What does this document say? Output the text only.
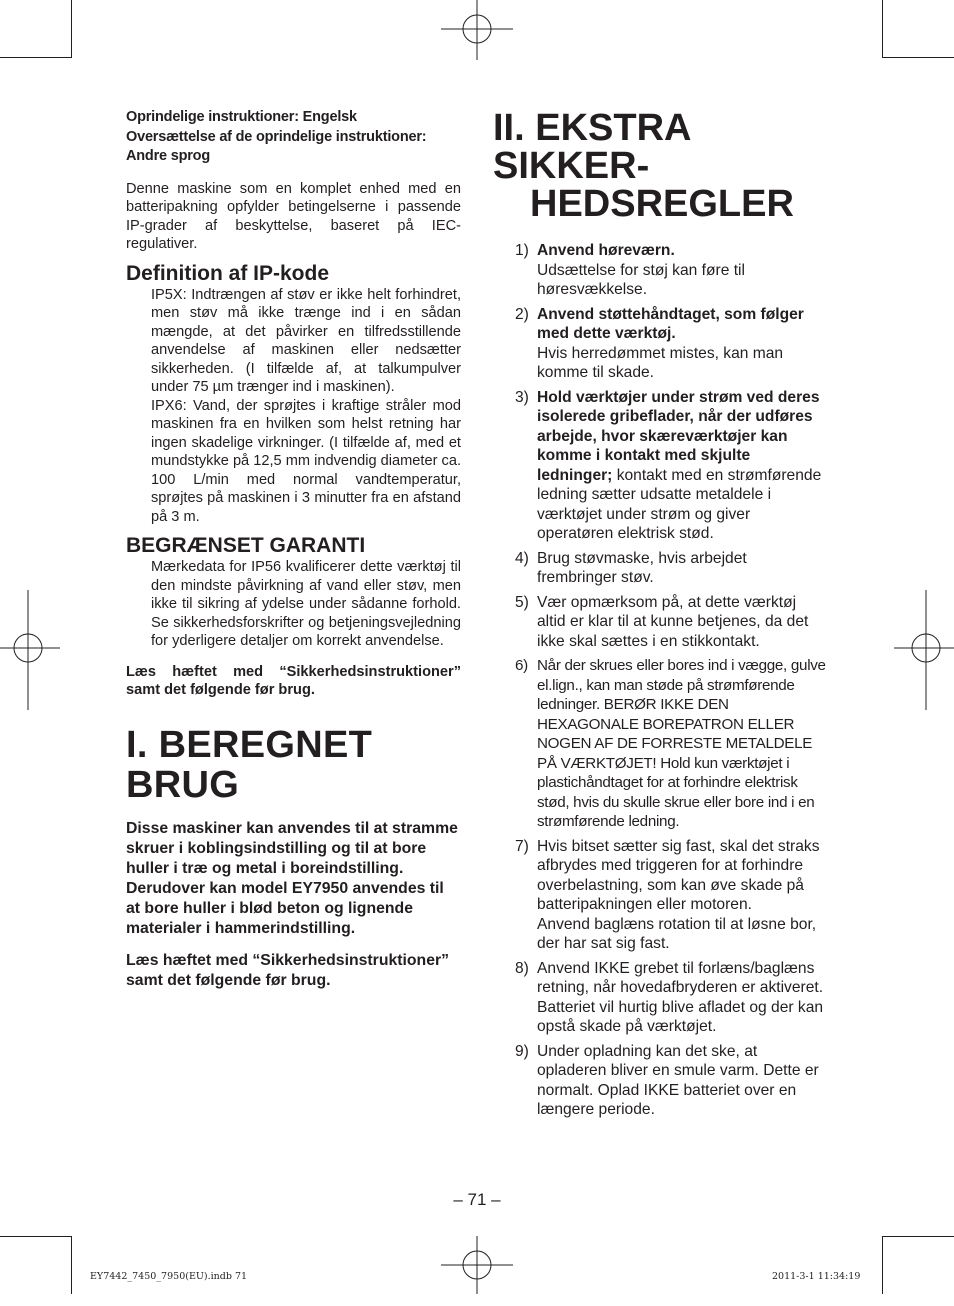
Oprindelige instruktioner: Engelsk
Oversættelse af de oprindelige instruktioner:
Andre sprog
Denne maskine som en komplet enhed med en batteripakning opfylder betingelserne i passende IP-grader af beskyttelse, baseret på IEC-regulativer.
Definition af IP-kode
IP5X: Indtrængen af støv er ikke helt forhindret, men støv må ikke trænge ind i en sådan mængde, at det påvirker en tilfredsstillende anvendelse af maskinen eller nedsætter sikkerheden. (I tilfælde af, at talkumpulver under 75 µm trænger ind i maskinen).
IPX6: Vand, der sprøjtes i kraftige stråler mod maskinen fra en hvilken som helst retning har ingen skadelige virkninger. (I tilfælde af, med et mundstykke på 12,5 mm indvendig diameter ca. 100 L/min med normal vandtemperatur, sprøjtes på maskinen i 3 minutter fra en afstand på 3 m.
BEGRÆNSET GARANTI
Mærkedata for IP56 kvalificerer dette værktøj til den mindste påvirkning af vand eller støv, men ikke til sikring af ydelse under sådanne forhold. Se sikkerhedsforskrifter og betjeningsvejledning for yderligere detaljer om korrekt anvendelse.
Læs hæftet med “Sikkerhedsinstruktioner” samt det følgende før brug.
I. BEREGNET BRUG
Disse maskiner kan anvendes til at stramme skruer i koblingsindstilling og til at bore huller i træ og metal i boreindstilling. Derudover kan model EY7950 anvendes til at bore huller i blød beton og lignende materialer i hammerindstilling.
Læs hæftet med “Sikkerhedsinstruktioner” samt det følgende før brug.
II. EKSTRA SIKKER-
HEDSREGLER
1) Anvend høreværn.
Udsættelse for støj kan føre til høresvækkelse.
2) Anvend støttehåndtaget, som følger med dette værktøj.
Hvis herredømmet mistes, kan man komme til skade.
3) Hold værktøjer under strøm ved deres isolerede gribeflader, når der udføres arbejde, hvor skæreværktøjer kan komme i kontakt med skjulte ledninger; kontakt med en strømførende ledning sætter udsatte metaldele i værktøjet under strøm og giver operatøren elektrisk stød.
4) Brug støvmaske, hvis arbejdet frembringer støv.
5) Vær opmærksom på, at dette værktøj altid er klar til at kunne betjenes, da det ikke skal sættes i en stikkontakt.
6) Når der skrues eller bores ind i vægge, gulve el.lign., kan man støde på strømførende ledninger. BERØR IKKE DEN HEXAGONALE BOREPATRON ELLER NOGEN AF DE FORRESTE METALDELE PÅ VÆRKTØJET! Hold kun værktøjet i plastichåndtaget for at forhindre elektrisk stød, hvis du skulle skrue eller bore ind i en strømførende ledning.
7) Hvis bitset sætter sig fast, skal det straks afbrydes med triggeren for at forhindre overbelastning, som kan øve skade på batteripakningen eller motoren.
Anvend baglæns rotation til at løsne bor, der har sat sig fast.
8) Anvend IKKE grebet til forlæns/baglæns retning, når hovedafbryderen er aktiveret. Batteriet vil hurtig blive afladet og der kan opstå skade på værktøjet.
9) Under opladning kan det ske, at opladeren bliver en smule varm. Dette er normalt. Oplad IKKE batteriet over en længere periode.
– 71 –
EY7442_7450_7950(EU).indb 71	2011-3-1 11:34:19
